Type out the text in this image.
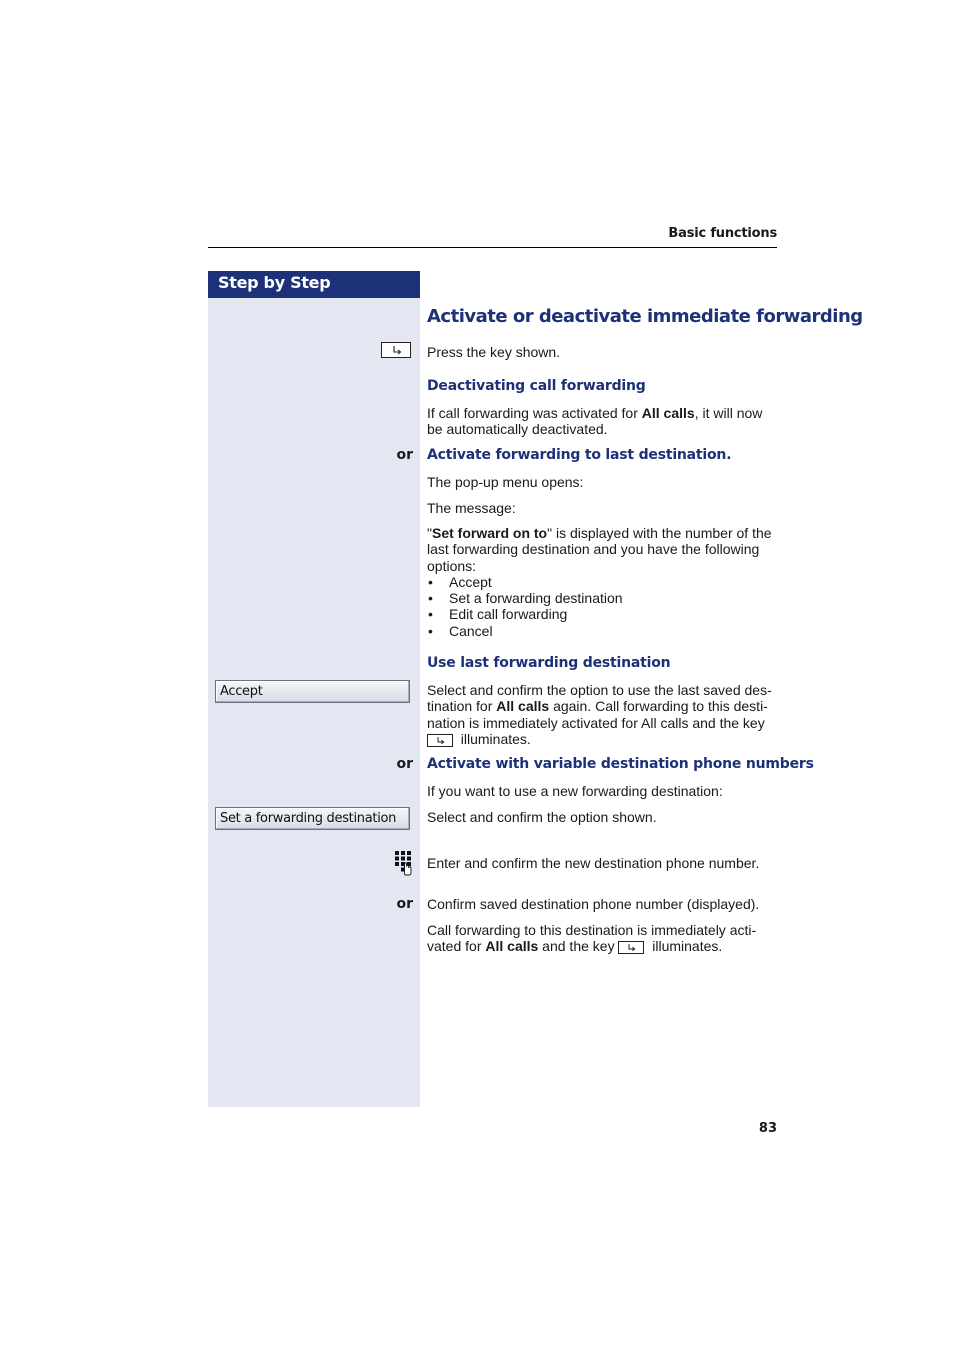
Basic functions
Step by Step
Activate or deactivate immediate forwarding
Press the key shown.
Deactivating call forwarding
If call forwarding was activated for All calls, it will now be automatically deactivated.
or Activate forwarding to last destination.
The pop-up menu opens:
The message:
"Set forward on to" is displayed with the number of the last forwarding destination and you have the following options:
• Accept
• Set a forwarding destination
• Edit call forwarding
• Cancel
Use last forwarding destination
Accept	Select and confirm the option to use the last saved des- tination for All calls again. Call forwarding to this desti- nation is immediately activated for All calls and the key   illuminates.
or Activate with variable destination phone numbers
If you want to use a new forwarding destination:
Set a forwarding destination	Select and confirm the option shown.
Enter and confirm the new destination phone number.
or Confirm saved destination phone number (displayed).
Call forwarding to this destination is immediately acti- vated for All calls and the key	illuminates.
83
